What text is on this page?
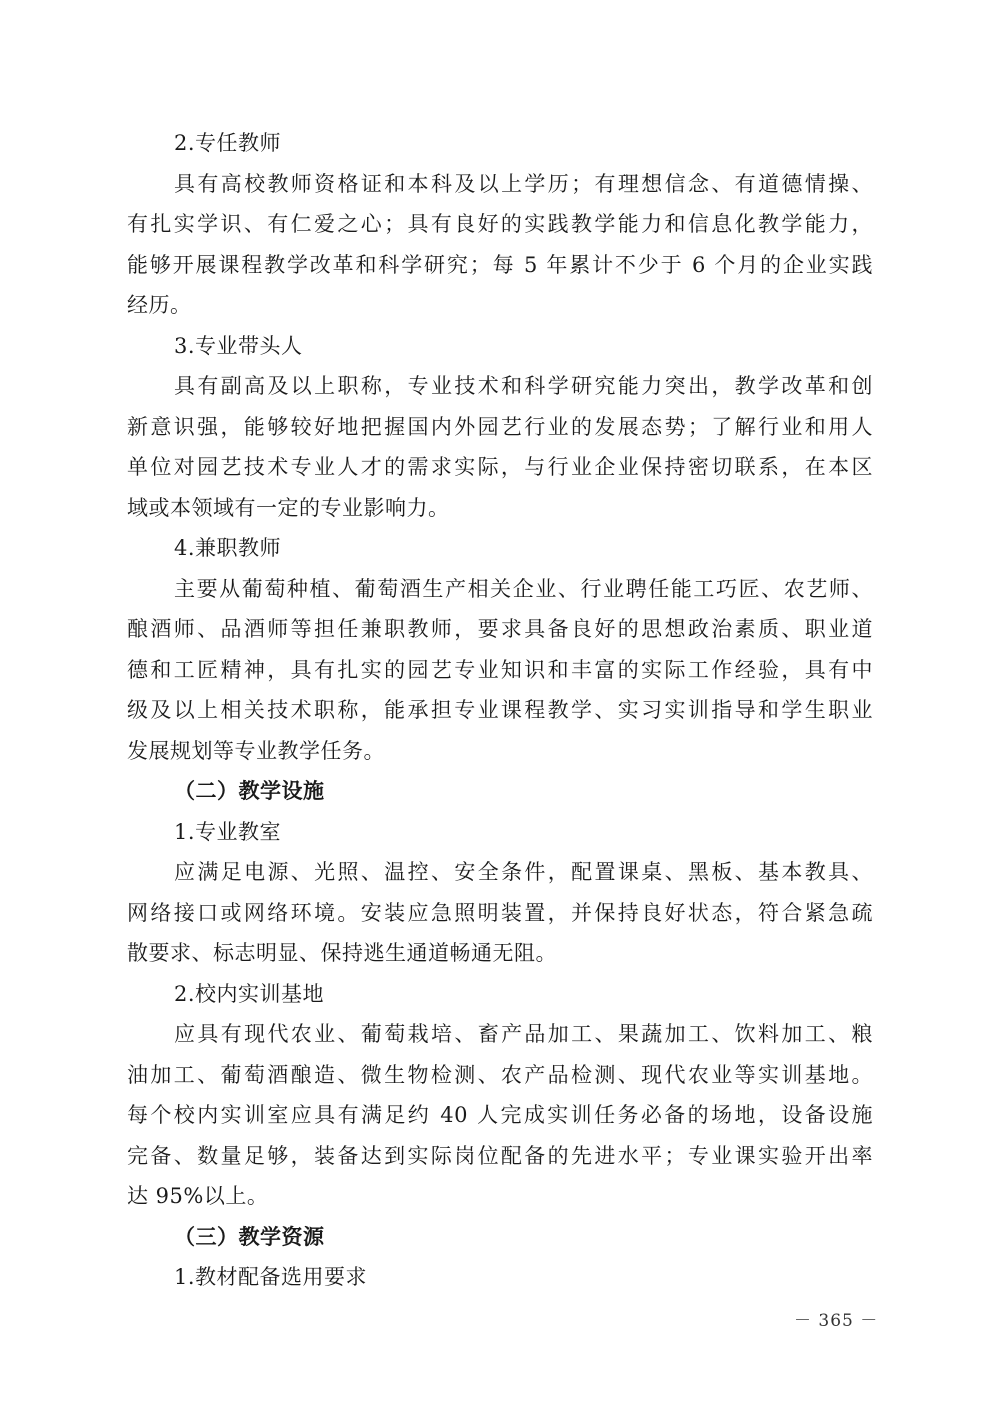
2.专任教师
具有高校教师资格证和本科及以上学历；有理想信念、有道德情操、
有扎实学识、有仁爱之心；具有良好的实践教学能力和信息化教学能力，
能够开展课程教学改革和科学研究；每 5 年累计不少于 6 个月的企业实践
经历。
3.专业带头人
具有副高及以上职称，专业技术和科学研究能力突出，教学改革和创
新意识强，能够较好地把握国内外园艺行业的发展态势；了解行业和用人
单位对园艺技术专业人才的需求实际，与行业企业保持密切联系，在本区
域或本领域有一定的专业影响力。
4.兼职教师
主要从葡萄种植、葡萄酒生产相关企业、行业聘任能工巧匠、农艺师、
酿酒师、品酒师等担任兼职教师，要求具备良好的思想政治素质、职业道
德和工匠精神，具有扎实的园艺专业知识和丰富的实际工作经验，具有中
级及以上相关技术职称，能承担专业课程教学、实习实训指导和学生职业
发展规划等专业教学任务。
（二）教学设施
1.专业教室
应满足电源、光照、温控、安全条件，配置课桌、黑板、基本教具、
网络接口或网络环境。安装应急照明装置，并保持良好状态，符合紧急疏
散要求、标志明显、保持逃生通道畅通无阻。
2.校内实训基地
应具有现代农业、葡萄栽培、畜产品加工、果蔬加工、饮料加工、粮
油加工、葡萄酒酿造、微生物检测、农产品检测、现代农业等实训基地。
每个校内实训室应具有满足约 40 人完成实训任务必备的场地，设备设施
完备、数量足够，装备达到实际岗位配备的先进水平；专业课实验开出率
达 95%以上。
（三）教学资源
1.教材配备选用要求
－ 365 －
